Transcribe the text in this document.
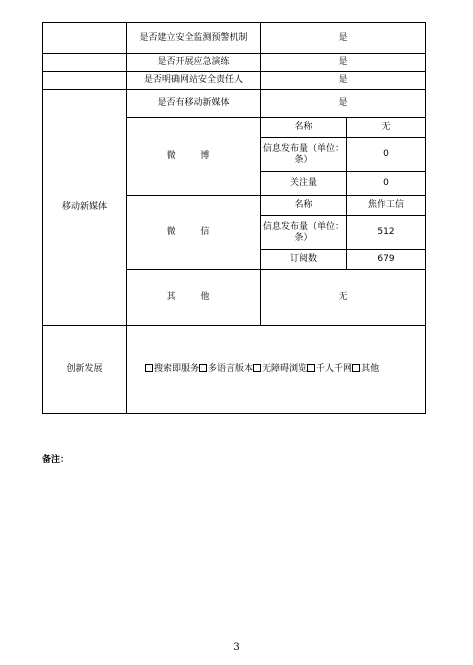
	是否建立安全监测预警机制	是	
	是否开展应急演练	是	
	是否明确网站安全责任人	是	
移动新媒体	是否有移动新媒体	是	
	微 博	名称	无
		信息发布量（单位：条）	0
		关注量	0
	微 信	名称	焦作工信
		信息发布量（单位：条）	512
		订阅数	679
	其 他	无	
创新发展	搜索即服务 多语言版本 无障碍浏览 千人千网 其他		
备注：
3
